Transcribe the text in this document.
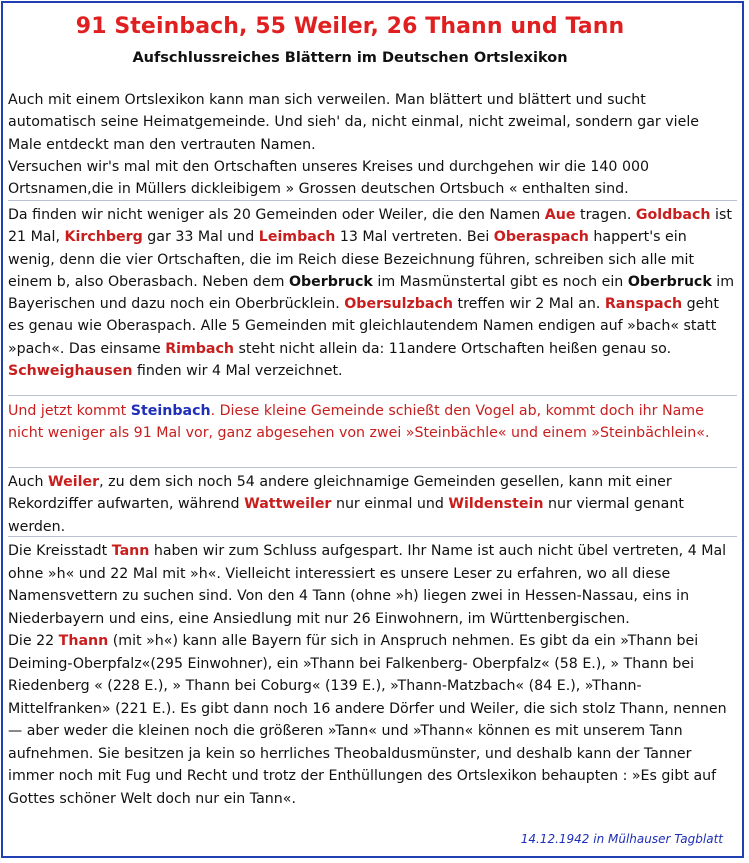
91 Steinbach, 55 Weiler, 26 Thann und Tann
Aufschlussreiches Blättern im Deutschen Ortslexikon
Auch mit einem Ortslexikon kann man sich verweilen. Man blättert und blättert und sucht automatisch seine Heimatgemeinde. Und sieh' da, nicht einmal, nicht zweimal, sondern gar viele Male entdeckt man den vertrauten Namen.
Versuchen wir's mal mit den Ortschaften unseres Kreises und durchgehen wir die 140 000 Ortsnamen,die in Müllers dickleibigem » Grossen deutschen Ortsbuch « enthalten sind.
Da finden wir nicht weniger als 20 Gemeinden oder Weiler, die den Namen Aue tragen. Goldbach ist 21 Mal, Kirchberg gar 33 Mal und Leimbach 13 Mal vertreten. Bei Oberaspach happert's ein wenig, denn die vier Ortschaften, die im Reich diese Bezeichnung führen, schreiben sich alle mit einem b, also Oberasbach. Neben dem Oberbruck im Masmünstertal gibt es noch ein Oberbruck im Bayerischen und dazu noch ein Oberbrücklein. Obersulzbach treffen wir 2 Mal an. Ranspach geht es genau wie Oberaspach. Alle 5 Gemeinden mit gleichlautendem Namen endigen auf »bach« statt »pach«. Das einsame Rimbach steht nicht allein da: 11andere Ortschaften heißen genau so. Schweighausen finden wir 4 Mal verzeichnet.
Und jetzt kommt Steinbach. Diese kleine Gemeinde schießt den Vogel ab, kommt doch ihr Name nicht weniger als 91 Mal vor, ganz abgesehen von zwei »Steinbächle« und einem »Steinbächlein«.
Auch Weiler, zu dem sich noch 54 andere gleichnamige Gemeinden gesellen, kann mit einer Rekordziffer aufwarten, während Wattweiler nur einmal und Wildenstein nur viermal genant werden.
Die Kreisstadt Tann haben wir zum Schluss aufgespart. Ihr Name ist auch nicht übel vertreten, 4 Mal ohne »h« und 22 Mal mit »h«. Vielleicht interessiert es unsere Leser zu erfahren, wo all diese Namensvettern zu suchen sind. Von den 4 Tann (ohne »h) liegen zwei in Hessen-Nassau, eins in Niederbayern und eins, eine Ansiedlung mit nur 26 Einwohnern, im Württenbergischen.
Die 22 Thann (mit »h«) kann alle Bayern für sich in Anspruch nehmen. Es gibt da ein »Thann bei Deiming-Oberpfalz«(295 Einwohner), ein »Thann bei Falkenberg- Oberpfalz« (58 E.), » Thann bei Riedenberg « (228 E.), » Thann bei Coburg« (139 E.), »Thann-Matzbach« (84 E.), »Thann-Mittelfranken» (221 E.). Es gibt dann noch 16 andere Dörfer und Weiler, die sich stolz Thann, nennen — aber weder die kleinen noch die größeren »Tann« und »Thann« können es mit unserem Tann aufnehmen. Sie besitzen ja kein so herrliches Theobaldusmünster, und deshalb kann der Tanner immer noch mit Fug und Recht und trotz der Enthüllungen des Ortslexikon behaupten : »Es gibt auf Gottes schöner Welt doch nur ein Tann«.
14.12.1942 in Mülhauser Tagblatt
